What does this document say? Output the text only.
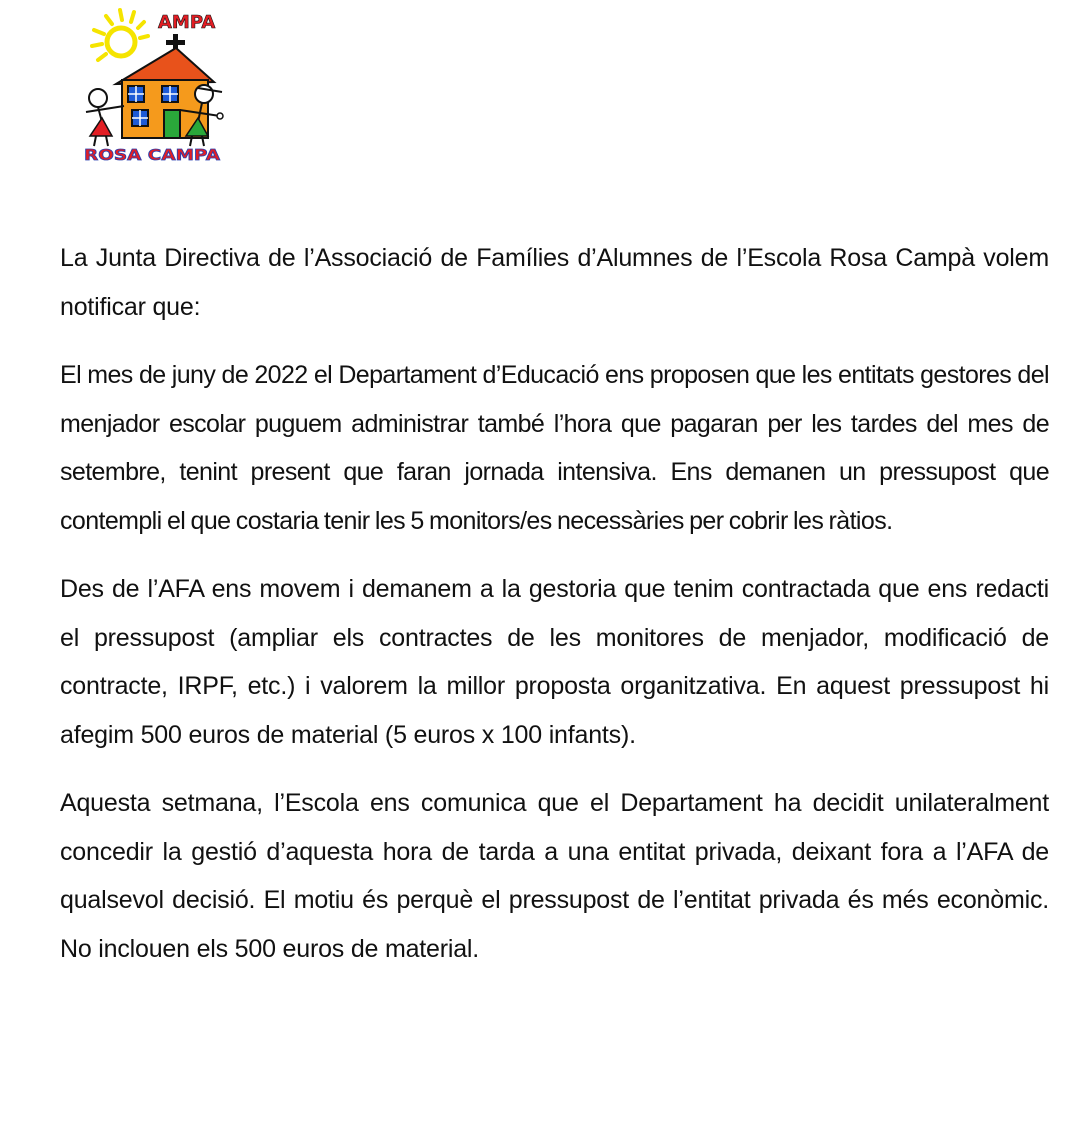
AMPA
ROSA CAMPA

La Junta Directiva de l’Associació de Famílies d’Alumnes de l’Escola Rosa Campà volem notificar que:

El mes de juny de 2022 el Departament d’Educació ens proposen que les entitats gestores del menjador escolar puguem administrar també l’hora que pagaran per les tardes del mes de setembre, tenint present que faran jornada intensiva. Ens demanen un pressupost que contempli el que costaria tenir les 5 monitors/es necessàries per cobrir les ràtios.

Des de l’AFA ens movem i demanem a la gestoria que tenim contractada que ens redacti el pressupost (ampliar els contractes de les monitores de menjador, modificació de contracte, IRPF, etc.) i valorem la millor proposta organitzativa. En aquest pressupost hi afegim 500 euros de material (5 euros x 100 infants).

Aquesta setmana, l’Escola ens comunica que el Departament ha decidit unilateralment concedir la gestió d’aquesta hora de tarda a una entitat privada, deixant fora a l’AFA de qualsevol decisió. El motiu és perquè el pressupost de l’entitat privada és més econòmic. No inclouen els 500 euros de material.
